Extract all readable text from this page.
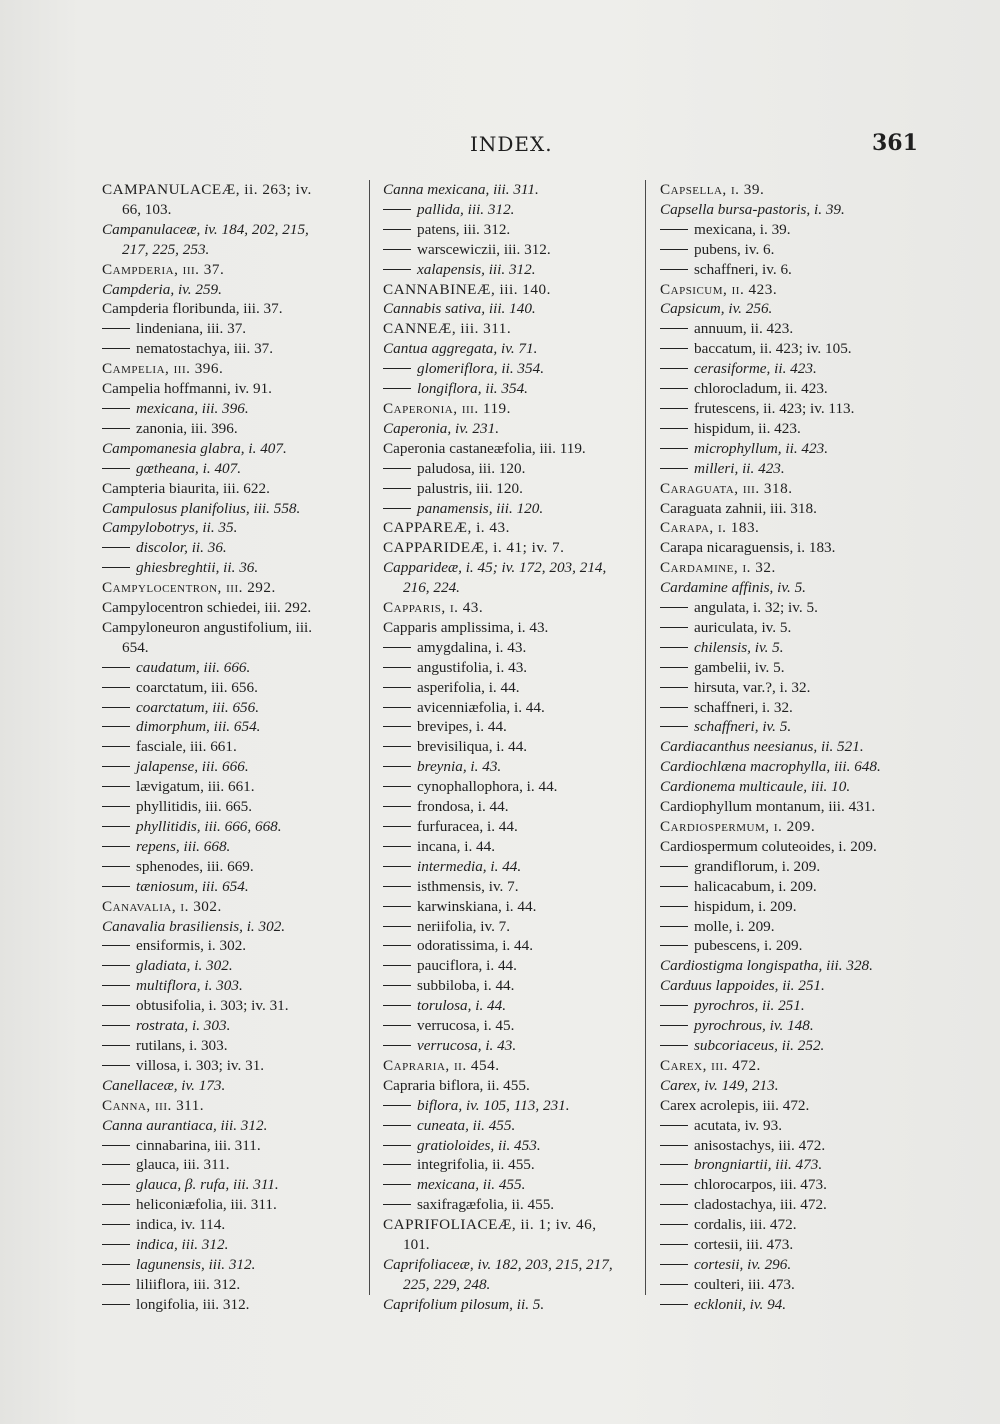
INDEX.	361
CAMPANULACEÆ, ii. 263; iv.
66, 103.
Campanulaceæ, iv. 184, 202, 215,
217, 225, 253.
Campderia, iii. 37.
Campderia, iv. 259.
Campderia floribunda, iii. 37.
lindeniana, iii. 37.
nematostachya, iii. 37.
Campelia, iii. 396.
Campelia hoffmanni, iv. 91.
mexicana, iii. 396.
zanonia, iii. 396.
Campomanesia glabra, i. 407.
gœtheana, i. 407.
Campteria biaurita, iii. 622.
Campulosus planifolius, iii. 558.
Campylobotrys, ii. 35.
discolor, ii. 36.
ghiesbreghtii, ii. 36.
Campylocentron, iii. 292.
Campylocentron schiedei, iii. 292.
Campyloneuron angustifolium, iii.
654.
caudatum, iii. 666.
coarctatum, iii. 656.
coarctatum, iii. 656.
dimorphum, iii. 654.
fasciale, iii. 661.
jalapense, iii. 666.
lævigatum, iii. 661.
phyllitidis, iii. 665.
phyllitidis, iii. 666, 668.
repens, iii. 668.
sphenodes, iii. 669.
tæniosum, iii. 654.
Canavalia, i. 302.
Canavalia brasiliensis, i. 302.
ensiformis, i. 302.
gladiata, i. 302.
multiflora, i. 303.
obtusifolia, i. 303; iv. 31.
rostrata, i. 303.
rutilans, i. 303.
villosa, i. 303; iv. 31.
Canellaceæ, iv. 173.
Canna, iii. 311.
Canna aurantiaca, iii. 312.
cinnabarina, iii. 311.
glauca, iii. 311.
glauca, β. rufa, iii. 311.
heliconiæfolia, iii. 311.
indica, iv. 114.
indica, iii. 312.
lagunensis, iii. 312.
liliiflora, iii. 312.
longifolia, iii. 312.
Canna mexicana, iii. 311.
pallida, iii. 312.
patens, iii. 312.
warscewiczii, iii. 312.
xalapensis, iii. 312.
CANNABINEÆ, iii. 140.
Cannabis sativa, iii. 140.
CANNEÆ, iii. 311.
Cantua aggregata, iv. 71.
glomeriflora, ii. 354.
longiflora, ii. 354.
Caperonia, iii. 119.
Caperonia, iv. 231.
Caperonia castaneæfolia, iii. 119.
paludosa, iii. 120.
palustris, iii. 120.
panamensis, iii. 120.
CAPPAREÆ, i. 43.
CAPPARIDEÆ, i. 41; iv. 7.
Capparideæ, i. 45; iv. 172, 203, 214,
216, 224.
Capparis, i. 43.
Capparis amplissima, i. 43.
amygdalina, i. 43.
angustifolia, i. 43.
asperifolia, i. 44.
avicenniæfolia, i. 44.
brevipes, i. 44.
brevisiliqua, i. 44.
breynia, i. 43.
cynophallophora, i. 44.
frondosa, i. 44.
furfuracea, i. 44.
incana, i. 44.
intermedia, i. 44.
isthmensis, iv. 7.
karwinskiana, i. 44.
neriifolia, iv. 7.
odoratissima, i. 44.
pauciflora, i. 44.
subbiloba, i. 44.
torulosa, i. 44.
verrucosa, i. 45.
verrucosa, i. 43.
Capraria, ii. 454.
Capraria biflora, ii. 455.
biflora, iv. 105, 113, 231.
cuneata, ii. 455.
gratioloides, ii. 453.
integrifolia, ii. 455.
mexicana, ii. 455.
saxifragæfolia, ii. 455.
CAPRIFOLIACEÆ, ii. 1; iv. 46,
101.
Caprifoliaceæ, iv. 182, 203, 215, 217,
225, 229, 248.
Caprifolium pilosum, ii. 5.
Capsella, i. 39.
Capsella bursa-pastoris, i. 39.
mexicana, i. 39.
pubens, iv. 6.
schaffneri, iv. 6.
Capsicum, ii. 423.
Capsicum, iv. 256.
annuum, ii. 423.
baccatum, ii. 423; iv. 105.
cerasiforme, ii. 423.
chlorocladum, ii. 423.
frutescens, ii. 423; iv. 113.
hispidum, ii. 423.
microphyllum, ii. 423.
milleri, ii. 423.
Caraguata, iii. 318.
Caraguata zahnii, iii. 318.
Carapa, i. 183.
Carapa nicaraguensis, i. 183.
Cardamine, i. 32.
Cardamine affinis, iv. 5.
angulata, i. 32; iv. 5.
auriculata, iv. 5.
chilensis, iv. 5.
gambelii, iv. 5.
hirsuta, var.?, i. 32.
schaffneri, i. 32.
schaffneri, iv. 5.
Cardiacanthus neesianus, ii. 521.
Cardiochlæna macrophylla, iii. 648.
Cardionema multicaule, iii. 10.
Cardiophyllum montanum, iii. 431.
Cardiospermum, i. 209.
Cardiospermum coluteoides, i. 209.
grandiflorum, i. 209.
halicacabum, i. 209.
hispidum, i. 209.
molle, i. 209.
pubescens, i. 209.
Cardiostigma longispatha, iii. 328.
Carduus lappoides, ii. 251.
pyrochros, ii. 251.
pyrochrous, iv. 148.
subcoriaceus, ii. 252.
Carex, iii. 472.
Carex, iv. 149, 213.
Carex acrolepis, iii. 472.
acutata, iv. 93.
anisostachys, iii. 472.
brongniartii, iii. 473.
chlorocarpos, iii. 473.
cladostachya, iii. 472.
cordalis, iii. 472.
cortesii, iii. 473.
cortesii, iv. 296.
coulteri, iii. 473.
ecklonii, iv. 94.
